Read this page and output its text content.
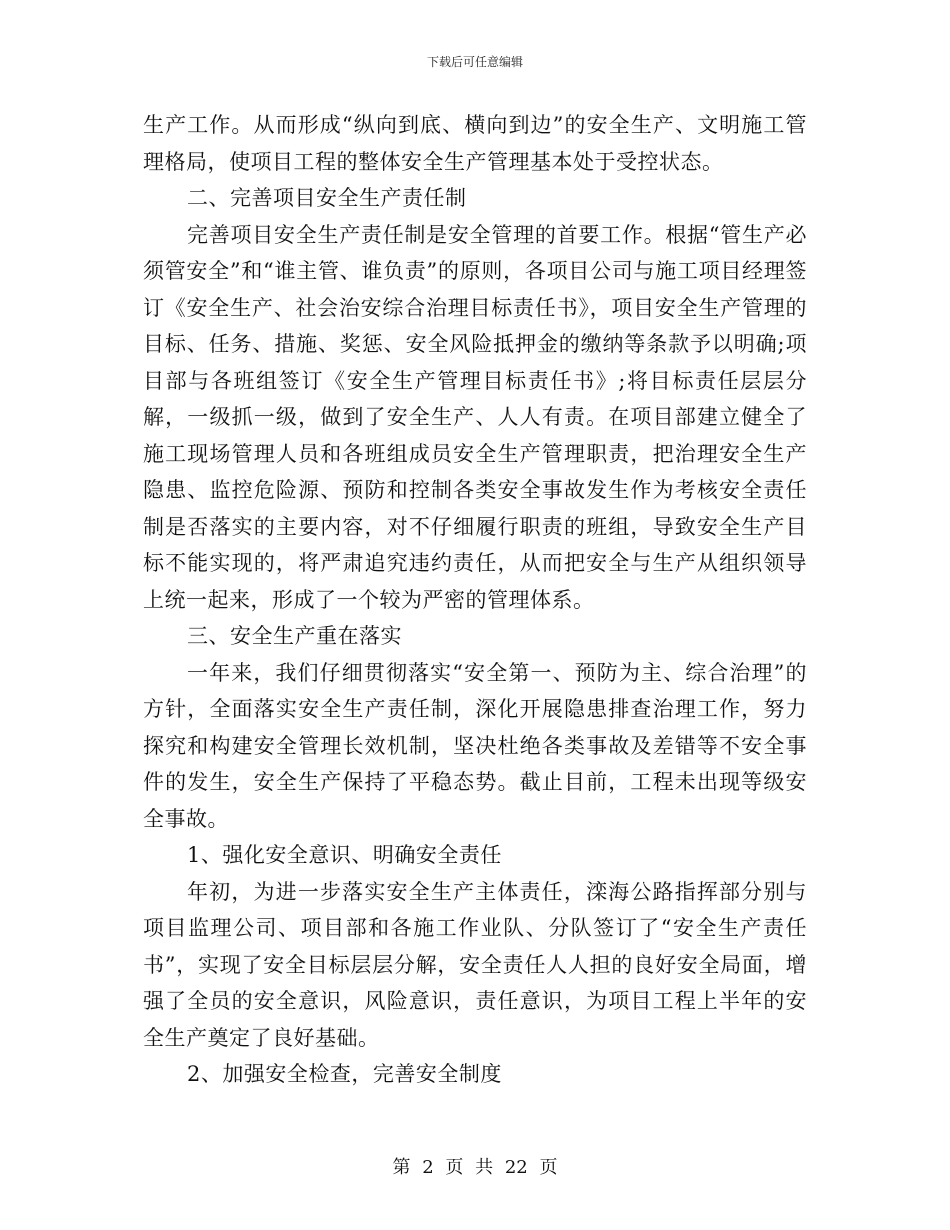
下载后可任意编辑

生产工作。从而形成“纵向到底、横向到边”的安全生产、文明施工管理格局，使项目工程的整体安全生产管理基本处于受控状态。

二、完善项目安全生产责任制

完善项目安全生产责任制是安全管理的首要工作。根据“管生产必须管安全”和“谁主管、谁负责”的原则，各项目公司与施工项目经理签订《安全生产、社会治安综合治理目标责任书》，项目安全生产管理的目标、任务、措施、奖惩、安全风险抵押金的缴纳等条款予以明确;项目部与各班组签订《安全生产管理目标责任书》;将目标责任层层分解，一级抓一级，做到了安全生产、人人有责。在项目部建立健全了施工现场管理人员和各班组成员安全生产管理职责，把治理安全生产隐患、监控危险源、预防和控制各类安全事故发生作为考核安全责任制是否落实的主要内容，对不仔细履行职责的班组，导致安全生产目标不能实现的，将严肃追究违约责任，从而把安全与生产从组织领导上统一起来，形成了一个较为严密的管理体系。

三、安全生产重在落实

一年来，我们仔细贯彻落实“安全第一、预防为主、综合治理”的方针，全面落实安全生产责任制，深化开展隐患排查治理工作，努力探究和构建安全管理长效机制，坚决杜绝各类事故及差错等不安全事件的发生，安全生产保持了平稳态势。截止目前，工程未出现等级安全事故。

1、强化安全意识、明确安全责任

年初，为进一步落实安全生产主体责任，滦海公路指挥部分别与项目监理公司、项目部和各施工作业队、分队签订了“安全生产责任书”，实现了安全目标层层分解，安全责任人人担的良好安全局面，增强了全员的安全意识，风险意识，责任意识，为项目工程上半年的安全生产奠定了良好基础。

2、加强安全检查，完善安全制度

第 2 页 共 22 页
